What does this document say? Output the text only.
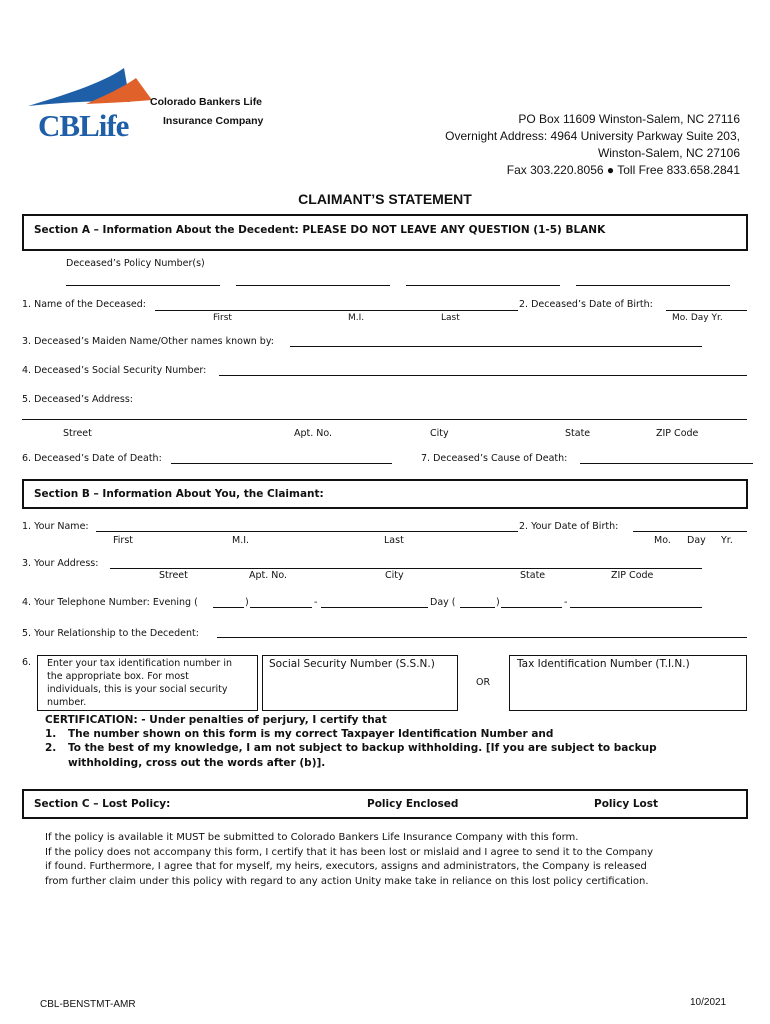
CBLife
Colorado Bankers Life
Insurance Company	PO Box 11609 Winston-Salem, NC 27116
Overnight Address: 4964 University Parkway Suite 203,
Winston-Salem, NC 27106
Fax 303.220.8056 ● Toll Free 833.658.2841
CLAIMANT’S STATEMENT
Section A – Information About the Decedent: PLEASE DO NOT LEAVE ANY QUESTION (1-5) BLANK
Deceased’s Policy Number(s)
1. Name of the Deceased:
First	M.I.	Last
2. Deceased’s Date of Birth:
Mo. Day Yr.
3. Deceased’s Maiden Name/Other names known by:
4. Deceased’s Social Security Number:
5. Deceased’s Address:
Street	Apt. No.	City	State	ZIP Code
6. Deceased’s Date of Death:	7. Deceased’s Cause of Death:
Section B – Information About You, the Claimant:
1. Your Name:
First	M.I.	Last
2. Your Date of Birth:
Mo. Day Yr.
3. Your Address:
Street	Apt. No.	City	State	ZIP Code
4. Your Telephone Number: Evening (	)	-	Day (	)	-
5. Your Relationship to the Decedent:
6. Enter your tax identification number in
the appropriate box. For most
individuals, this is your social security
number.
Social Security Number (S.S.N.)
OR
Tax Identification Number (T.I.N.)
CERTIFICATION: - Under penalties of perjury, I certify that
1. The number shown on this form is my correct Taxpayer Identification Number and
2. To the best of my knowledge, I am not subject to backup withholding. [If you are subject to backup
withholding, cross out the words after (b)].
Section C – Lost Policy:	Policy Enclosed	Policy Lost
If the policy is available it MUST be submitted to Colorado Bankers Life Insurance Company with this form.
If the policy does not accompany this form, I certify that it has been lost or mislaid and I agree to send it to the Company
if found. Furthermore, I agree that for myself, my heirs, executors, assigns and administrators, the Company is released
from further claim under this policy with regard to any action Unity make take in reliance on this lost policy certification.
CBL-BENSTMT-AMR	10/2021
